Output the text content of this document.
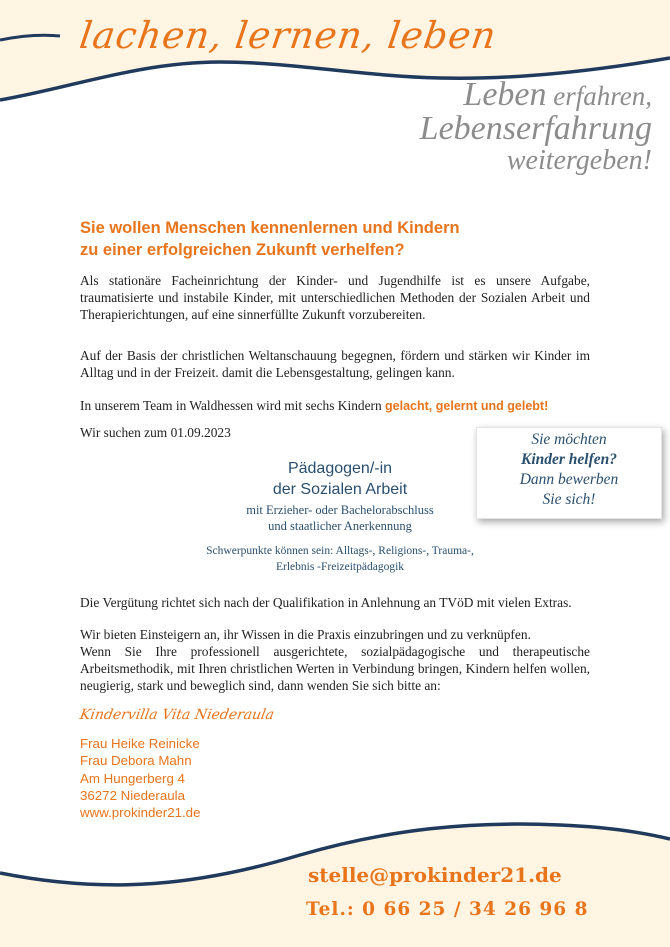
lachen, lernen, leben
Leben erfahren,
Lebenserfahrung
weitergeben!
Sie wollen Menschen kennenlernen und Kindern
zu einer erfolgreichen Zukunft verhelfen?
Als stationäre Facheinrichtung der Kinder- und Jugendhilfe ist es unsere Aufgabe, traumatisierte und instabile Kinder, mit unterschiedlichen Methoden der Sozialen Arbeit und Therapierichtungen, auf eine sinnerfüllte Zukunft vorzubereiten.
Auf der Basis der christlichen Weltanschauung begegnen, fördern und stärken wir Kinder im Alltag und in der Freizeit. damit die Lebensgestaltung, gelingen kann.
In unserem Team in Waldhessen wird mit sechs Kindern gelacht, gelernt und gelebt!
Wir suchen zum 01.09.2023	Sie möchten
Kinder helfen?
Dann bewerben
Sie sich!
Pädagogen/-in
der Sozialen Arbeit
mit Erzieher- oder Bachelorabschluss
und staatlicher Anerkennung
Schwerpunkte können sein: Alltags-, Religions-, Trauma-,
Erlebnis -Freizeitpädagogik
Die Vergütung richtet sich nach der Qualifikation in Anlehnung an TVöD mit vielen Extras.
Wir bieten Einsteigern an, ihr Wissen in die Praxis einzubringen und zu verknüpfen.
Wenn Sie Ihre professionell ausgerichtete, sozialpädagogische und therapeutische Arbeitsmethodik, mit Ihren christlichen Werten in Verbindung bringen, Kindern helfen wollen, neugierig, stark und beweglich sind, dann wenden Sie sich bitte an:
Kindervilla Vita Niederaula
Frau Heike Reinicke
Frau Debora Mahn
Am Hungerberg 4
36272 Niederaula
www.prokinder21.de
stelle@prokinder21.de
Tel.: 0 66 25 / 34 26 96 8
